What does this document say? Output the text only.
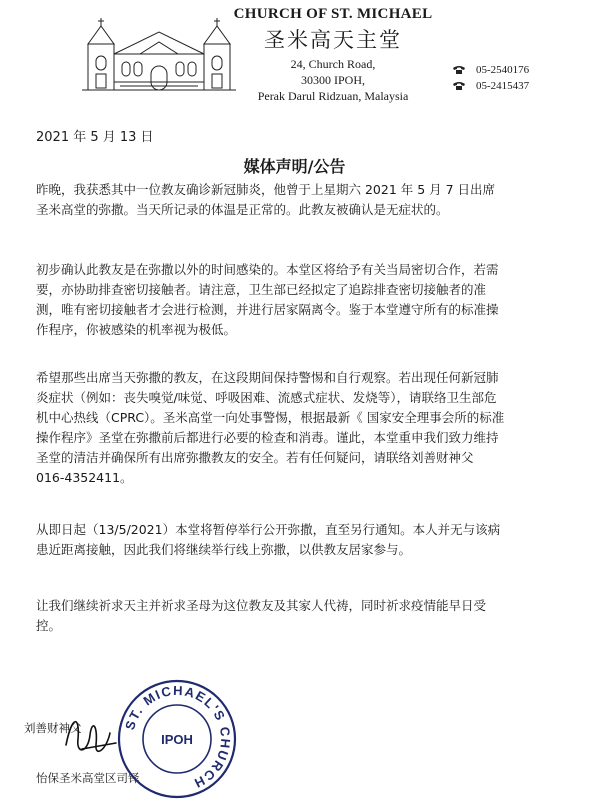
CHURCH OF ST. MICHAEL
圣米高天主堂
24, Church Road,
30300 IPOH,
Perak Darul Ridzuan, Malaysia
05-2540176
05-2415437
2021 年 5 月 13 日
媒体声明/公告
昨晚，我获悉其中一位教友确诊新冠肺炎，他曾于上星期六 2021 年 5 月 7 日出席
圣米高堂的弥撒。当天所记录的体温是正常的。此教友被确认是无症状的。
初步确认此教友是在弥撒以外的时间感染的。本堂区将给予有关当局密切合作，若需
要，亦协助排查密切接触者。请注意，卫生部已经拟定了追踪排查密切接触者的准
测，唯有密切接触者才会进行检测，并进行居家隔离令。鉴于本堂遵守所有的标准操
作程序，你被感染的机率视为极低。
希望那些出席当天弥撒的教友，在这段期间保持警惕和自行观察。若出现任何新冠肺
炎症状（例如：丧失嗅觉/味觉、呼吸困难、流感式症状、发烧等），请联络卫生部危
机中心热线（CPRC）。圣米高堂一向处事警惕，根据最新《 国家安全理事会所的标准
操作程序》圣堂在弥撒前后都进行必要的检查和消毒。谨此，本堂重申我们致力维持
圣堂的清洁并确保所有出席弥撒教友的安全。若有任何疑问，请联络刘善财神父
016-4352411。
从即日起（13/5/2021）本堂将暂停举行公开弥撒，直至另行通知。本人并无与该病
患近距离接触，因此我们将继续举行线上弥撒，以供教友居家参与。
让我们继续祈求天主并祈求圣母为这位教友及其家人代祷，同时祈求疫情能早日受
控。
刘善财神父
怡保圣米高堂区司铎
ST. MICHAEL'S CHURCH
IPOH
